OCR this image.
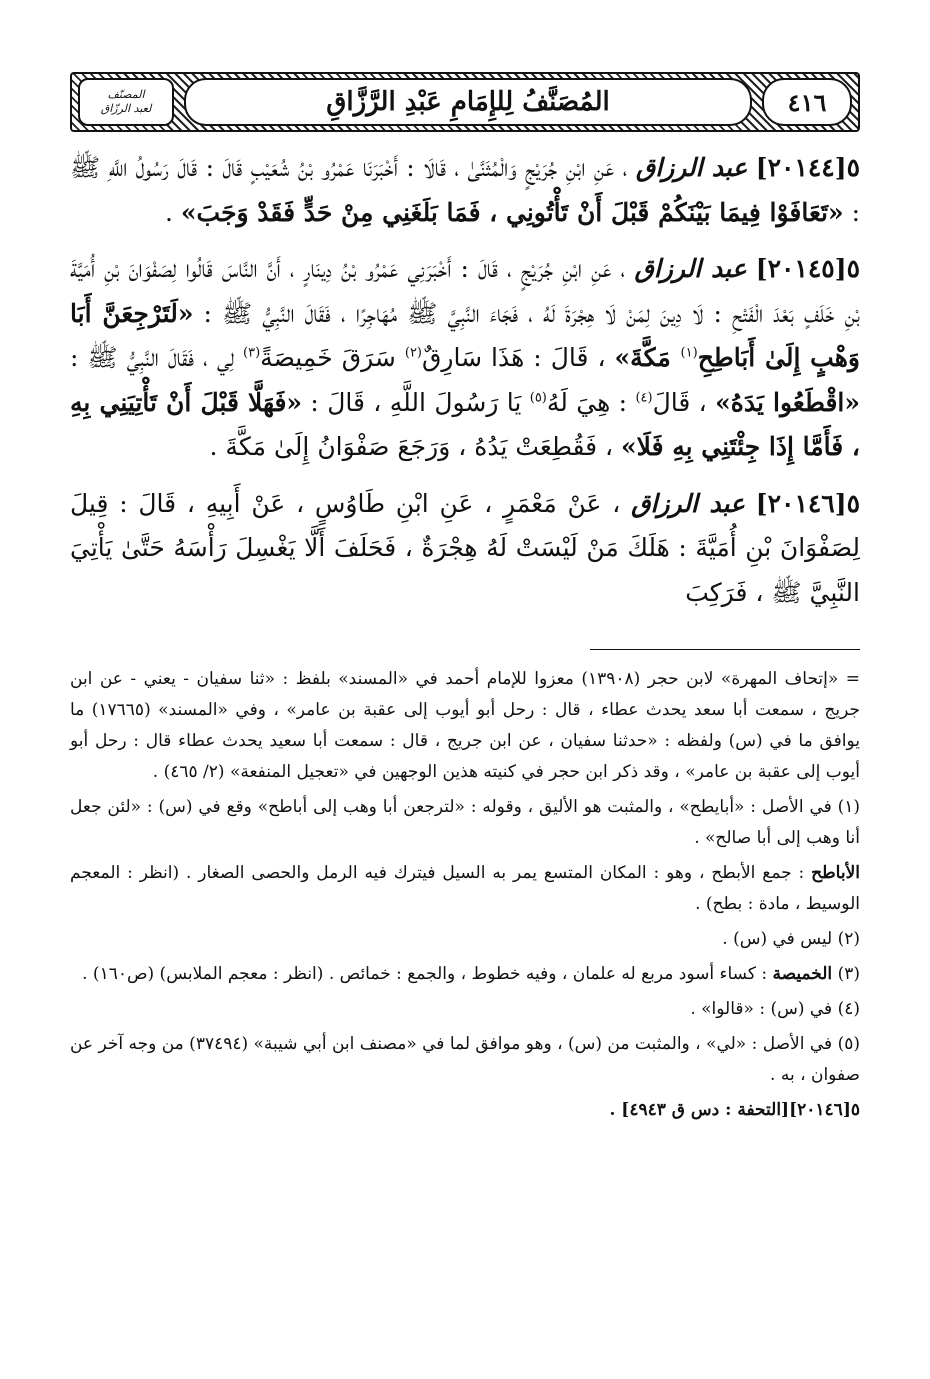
٤١٦
المُصَنَّفُ لِلإِمَامِ عَبْدِ الرَّزَّاقِ
المصنّف
لعبد الرزّاق

٥[٢٠١٤٤] عبد الرزاق ، عَنِ ابْنِ جُرَيْجٍ وَالْمُثَنَّىٰ ، قَالَا : أَخْبَرَنَا عَمْرُو بْنُ شُعَيْبٍ قَالَ : قَالَ رَسُولُ اللَّهِ ﷺ : «تَعَافَوْا فِيمَا بَيْنَكُمْ قَبْلَ أَنْ تَأْتُونِي ، فَمَا بَلَغَنِي مِنْ حَدٍّ فَقَدْ وَجَبَ» .

٥[٢٠١٤٥] عبد الرزاق ، عَنِ ابْنِ جُرَيْجٍ ، قَالَ : أَخْبَرَنِي عَمْرُو بْنُ دِينَارٍ ، أَنَّ النَّاسَ قَالُوا لِصَفْوَانَ بْنِ أُمَيَّةَ بْنِ خَلَفٍ بَعْدَ الْفَتْحِ : لَا دِينَ لِمَنْ لَا هِجْرَةَ لَهُ ، فَجَاءَ النَّبِيَّ ﷺ مُهَاجِرًا ، فَقَالَ النَّبِيُّ ﷺ : «لَتَرْجِعَنَّ أَبَا وَهْبٍ إِلَىٰ أَبَاطِحِ$^{(١)}$ مَكَّةَ» ، قَالَ : هَذَا سَارِقٌ$^{(٢)}$ سَرَقَ خَمِيصَةً$^{(٣)}$ لِي ، فَقَالَ النَّبِيُّ ﷺ : «اقْطَعُوا يَدَهُ» ، قَالَ$^{(٤)}$ : هِيَ لَهُ$^{(٥)}$ يَا رَسُولَ اللَّهِ ، قَالَ : «فَهَلَّا قَبْلَ أَنْ تَأْتِيَنِي بِهِ ، فَأَمَّا إِذَا جِئْتَنِي بِهِ فَلَا» ، فَقُطِعَتْ يَدُهُ ، وَرَجَعَ صَفْوَانُ إِلَىٰ مَكَّةَ .

٥[٢٠١٤٦] عبد الرزاق ، عَنْ مَعْمَرٍ ، عَنِ ابْنِ طَاوُسٍ ، عَنْ أَبِيهِ ، قَالَ : قِيلَ لِصَفْوَانَ بْنِ أُمَيَّةَ : هَلَكَ مَنْ لَيْسَتْ لَهُ هِجْرَةٌ ، فَحَلَفَ أَلَّا يَغْسِلَ رَأْسَهُ حَتَّىٰ يَأْتِيَ النَّبِيَّ ﷺ ، فَرَكِبَ

= «إتحاف المهرة» لابن حجر (١٣٩٠٨) معزوا للإمام أحمد في «المسند» بلفظ : «ثنا سفيان - يعني - عن ابن جريج ، سمعت أبا سعد يحدث عطاء ، قال : رحل أبو أيوب إلى عقبة بن عامر» ، وفي «المسند» (١٧٦٦٥) ما يوافق ما في (س) ولفظه : «حدثنا سفيان ، عن ابن جريج ، قال : سمعت أبا سعيد يحدث عطاء قال : رحل أبو أيوب إلى عقبة بن عامر» ، وقد ذكر ابن حجر في كنيته هذين الوجهين في «تعجيل المنفعة» (٢/ ٤٦٥) .

(١) في الأصل : «أبايطح» ، والمثبت هو الأليق ، وقوله : «لترجعن أبا وهب إلى أباطح» وقع في (س) : «لئن جعل أنا وهب إلى أبا صالح» .

الأباطح : جمع الأبطح ، وهو : المكان المتسع يمر به السيل فيترك فيه الرمل والحصى الصغار . (انظر : المعجم الوسيط ، مادة : بطح) .

(٢) ليس في (س) .

(٣) الخميصة : كساء أسود مربع له علمان ، وفيه خطوط ، والجمع : خمائص . (انظر : معجم الملابس) (ص١٦٠) .

(٤) في (س) : «قالوا» .

(٥) في الأصل : «لي» ، والمثبت من (س) ، وهو موافق لما في «مصنف ابن أبي شيبة» (٣٧٤٩٤) من وجه آخر عن صفوان ، به .

٥[٢٠١٤٦][التحفة : دس ق ٤٩٤٣] .
